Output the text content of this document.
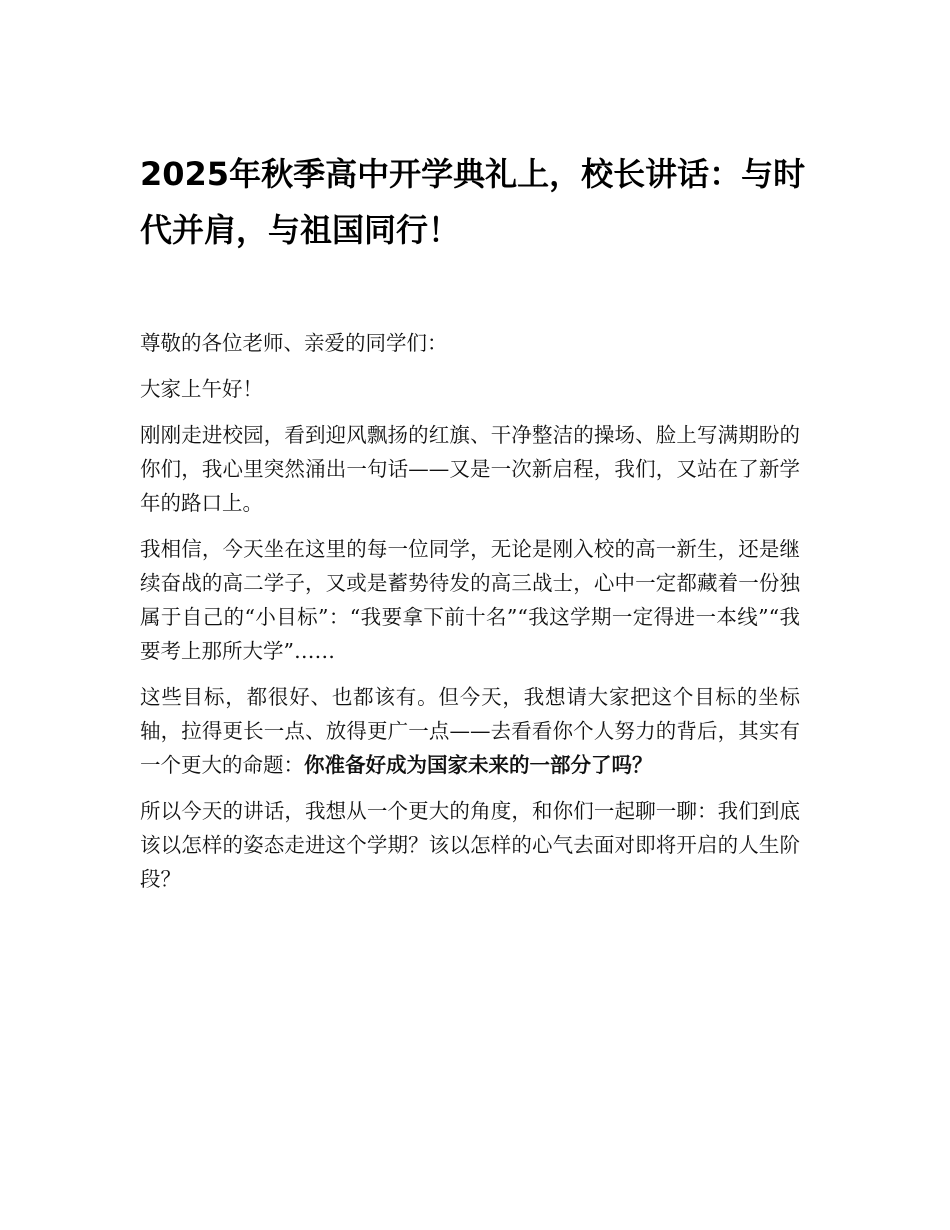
2025年秋季高中开学典礼上，校长讲话：与时代并肩，与祖国同行！

尊敬的各位老师、亲爱的同学们：

大家上午好！

刚刚走进校园，看到迎风飘扬的红旗、干净整洁的操场、脸上写满期盼的你们，我心里突然涌出一句话——又是一次新启程，我们，又站在了新学年的路口上。

我相信，今天坐在这里的每一位同学，无论是刚入校的高一新生，还是继续奋战的高二学子，又或是蓄势待发的高三战士，心中一定都藏着一份独属于自己的“小目标”：“我要拿下前十名”“我这学期一定得进一本线”“我要考上那所大学”……

这些目标，都很好、也都该有。但今天，我想请大家把这个目标的坐标轴，拉得更长一点、放得更广一点——去看看你个人努力的背后，其实有一个更大的命题：你准备好成为国家未来的一部分了吗？

所以今天的讲话，我想从一个更大的角度，和你们一起聊一聊：我们到底该以怎样的姿态走进这个学期？该以怎样的心气去面对即将开启的人生阶段？
